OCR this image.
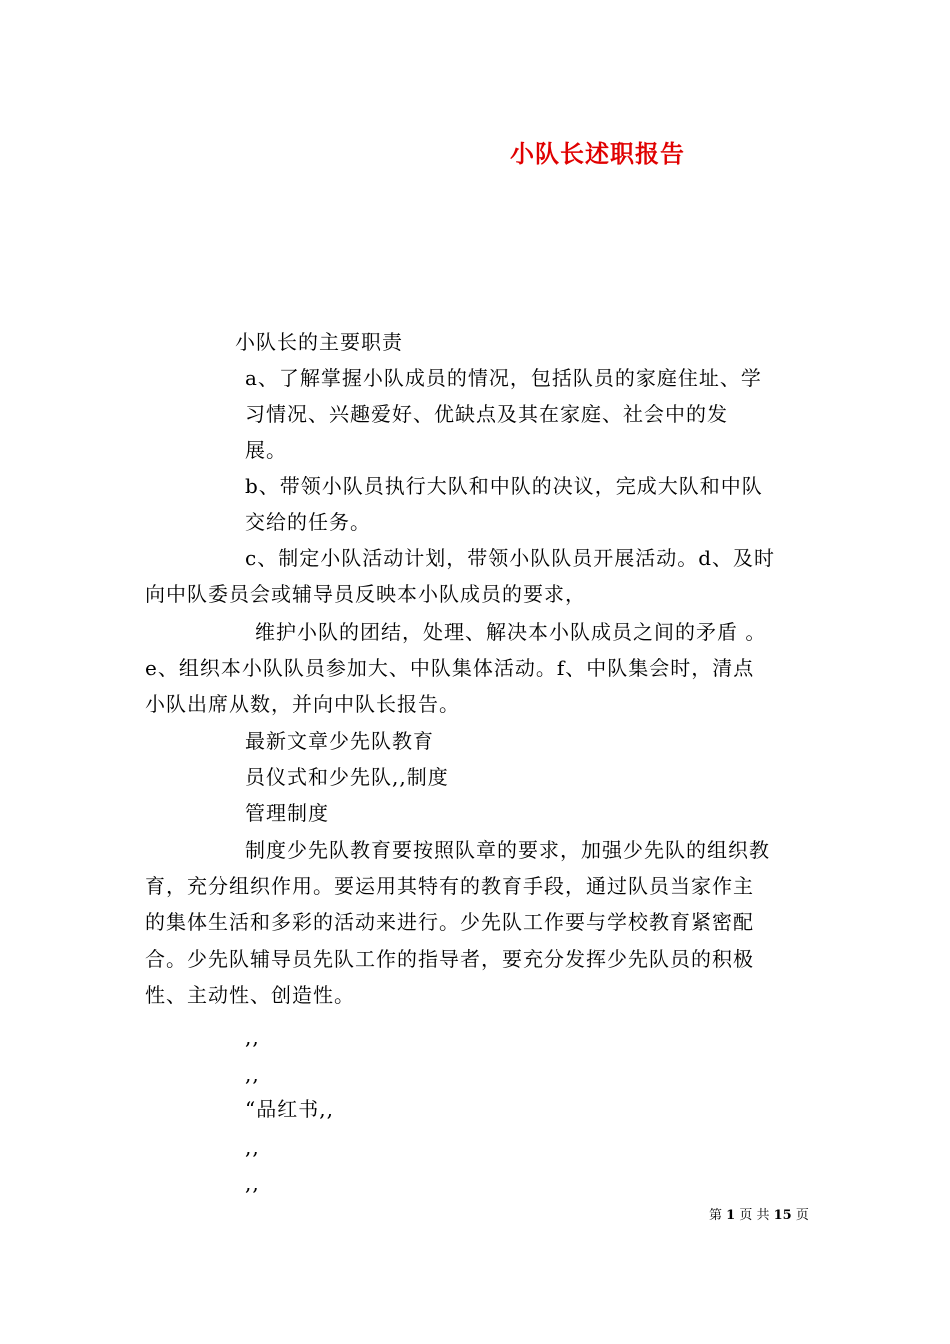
小队长述职报告
小队长的主要职责
a、了解掌握小队成员的情况，包括队员的家庭住址、学
习情况、兴趣爱好、优缺点及其在家庭、社会中的发
展。
b、带领小队员执行大队和中队的决议，完成大队和中队
交给的任务。
c、制定小队活动计划，带领小队队员开展活动。d、及时
向中队委员会或辅导员反映本小队成员的要求，
维护小队的团结，处理、解决本小队成员之间的矛盾 。
e、组织本小队队员参加大、中队集体活动。f、中队集会时，清点
小队出席从数，并向中队长报告。
最新文章少先队教育
员仪式和少先队,,制度
管理制度
制度少先队教育要按照队章的要求，加强少先队的组织教
育，充分组织作用。要运用其特有的教育手段，通过队员当家作主
的集体生活和多彩的活动来进行。少先队工作要与学校教育紧密配
合。少先队辅导员先队工作的指导者，要充分发挥少先队员的积极
性、主动性、创造性。
,,
,,
“品红书,,
,,
,,
第 1 页 共 15 页
